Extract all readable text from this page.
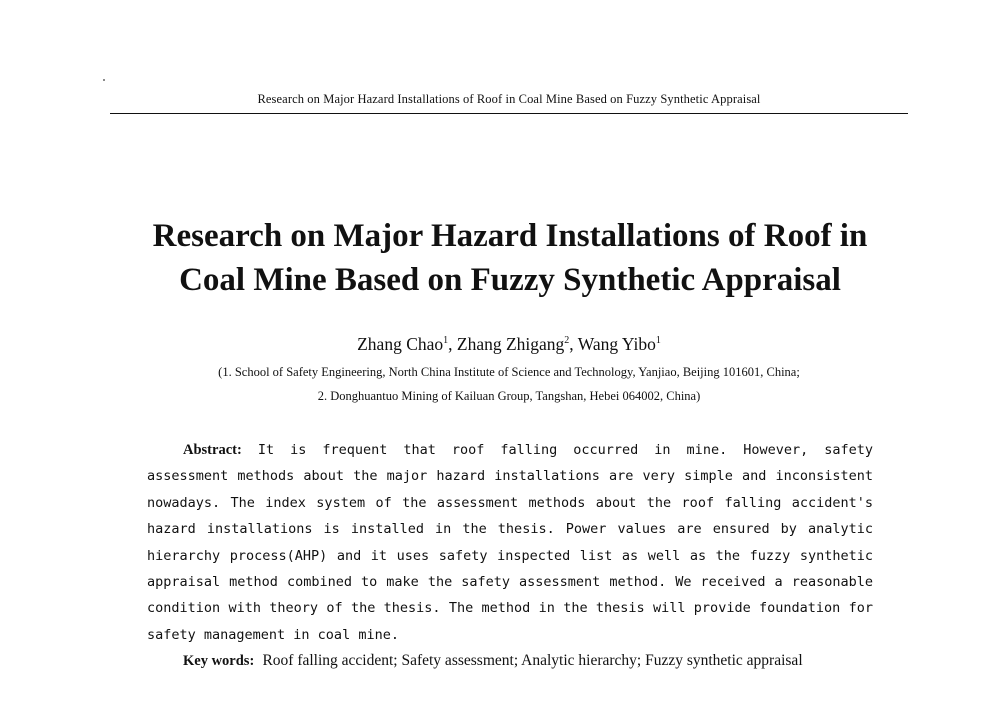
Research on Major Hazard Installations of Roof in Coal Mine Based on Fuzzy Synthetic Appraisal
Research on Major Hazard Installations of Roof in
Coal Mine Based on Fuzzy Synthetic Appraisal
Zhang Chao$^1$, Zhang Zhigang$^2$, Wang Yibo$^1$
(1. School of Safety Engineering, North China Institute of Science and Technology, Yanjiao, Beijing 101601, China;
2. Donghuantuo Mining of Kailuan Group, Tangshan, Hebei 064002, China)

Abstract: It is frequent that roof falling occurred in mine. However, safety assessment methods about the major hazard installations are very simple and inconsistent nowadays. The index system of the assessment methods about the roof falling accident's hazard installations is installed in the thesis. Power values are ensured by analytic hierarchy process(AHP) and it uses safety inspected list as well as the fuzzy synthetic appraisal method combined to make the safety assessment method. We received a reasonable condition with theory of the thesis. The method in the thesis will provide foundation for safety management in coal mine.

Key words: Roof falling accident; Safety assessment; Analytic hierarchy; Fuzzy synthetic appraisal
